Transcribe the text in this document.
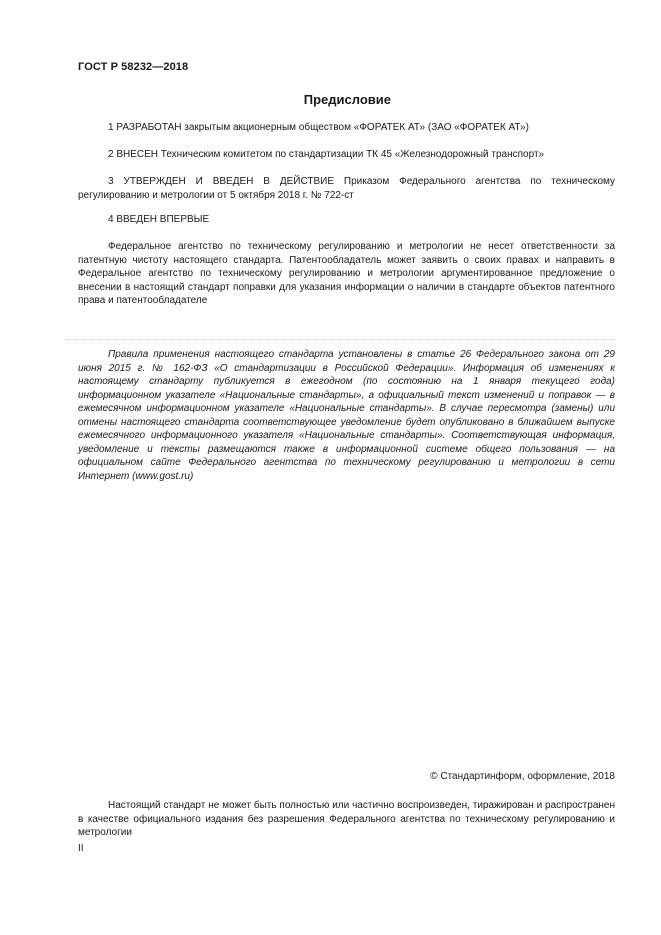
ГОСТ Р 58232—2018
Предисловие

1 РАЗРАБОТАН закрытым акционерным обществом «ФОРАТЕК АТ» (ЗАО «ФОРАТЕК АТ»)

2 ВНЕСЕН Техническим комитетом по стандартизации ТК 45 «Железнодорожный транспорт»

3 УТВЕРЖДЕН И ВВЕДЕН В ДЕЙСТВИЕ Приказом Федерального агентства по техническому регулированию и метрологии от 5 октября 2018 г. № 722-ст

4 ВВЕДЕН ВПЕРВЫЕ

Федеральное агентство по техническому регулированию и метрологии не несет ответственности за патентную чистоту настоящего стандарта. Патентообладатель может заявить о своих правах и направить в Федеральное агентство по техническому регулированию и метрологии аргументированное предложение о внесении в настоящий стандарт поправки для указания информации о наличии в стандарте объектов патентного права и патентообладателе

Правила применения настоящего стандарта установлены в статье 26 Федерального закона от 29 июня 2015 г. № 162-ФЗ «О стандартизации в Российской Федерации». Информация об изменениях к настоящему стандарту публикуется в ежегодном (по состоянию на 1 января текущего года) информационном указателе «Национальные стандарты», а официальный текст изменений и поправок — в ежемесячном информационном указателе «Национальные стандарты». В случае пересмотра (замены) или отмены настоящего стандарта соответствующее уведомление будет опубликовано в ближайшем выпуске ежемесячного информационного указателя «Национальные стандарты». Соответствующая информация, уведомление и тексты размещаются также в информационной системе общего пользования — на официальном сайте Федерального агентства по техническому регулированию и метрологии в сети Интернет (www.gost.ru)

© Стандартинформ, оформление, 2018

Настоящий стандарт не может быть полностью или частично воспроизведен, тиражирован и распространен в качестве официального издания без разрешения Федерального агентства по техническому регулированию и метрологии

II
